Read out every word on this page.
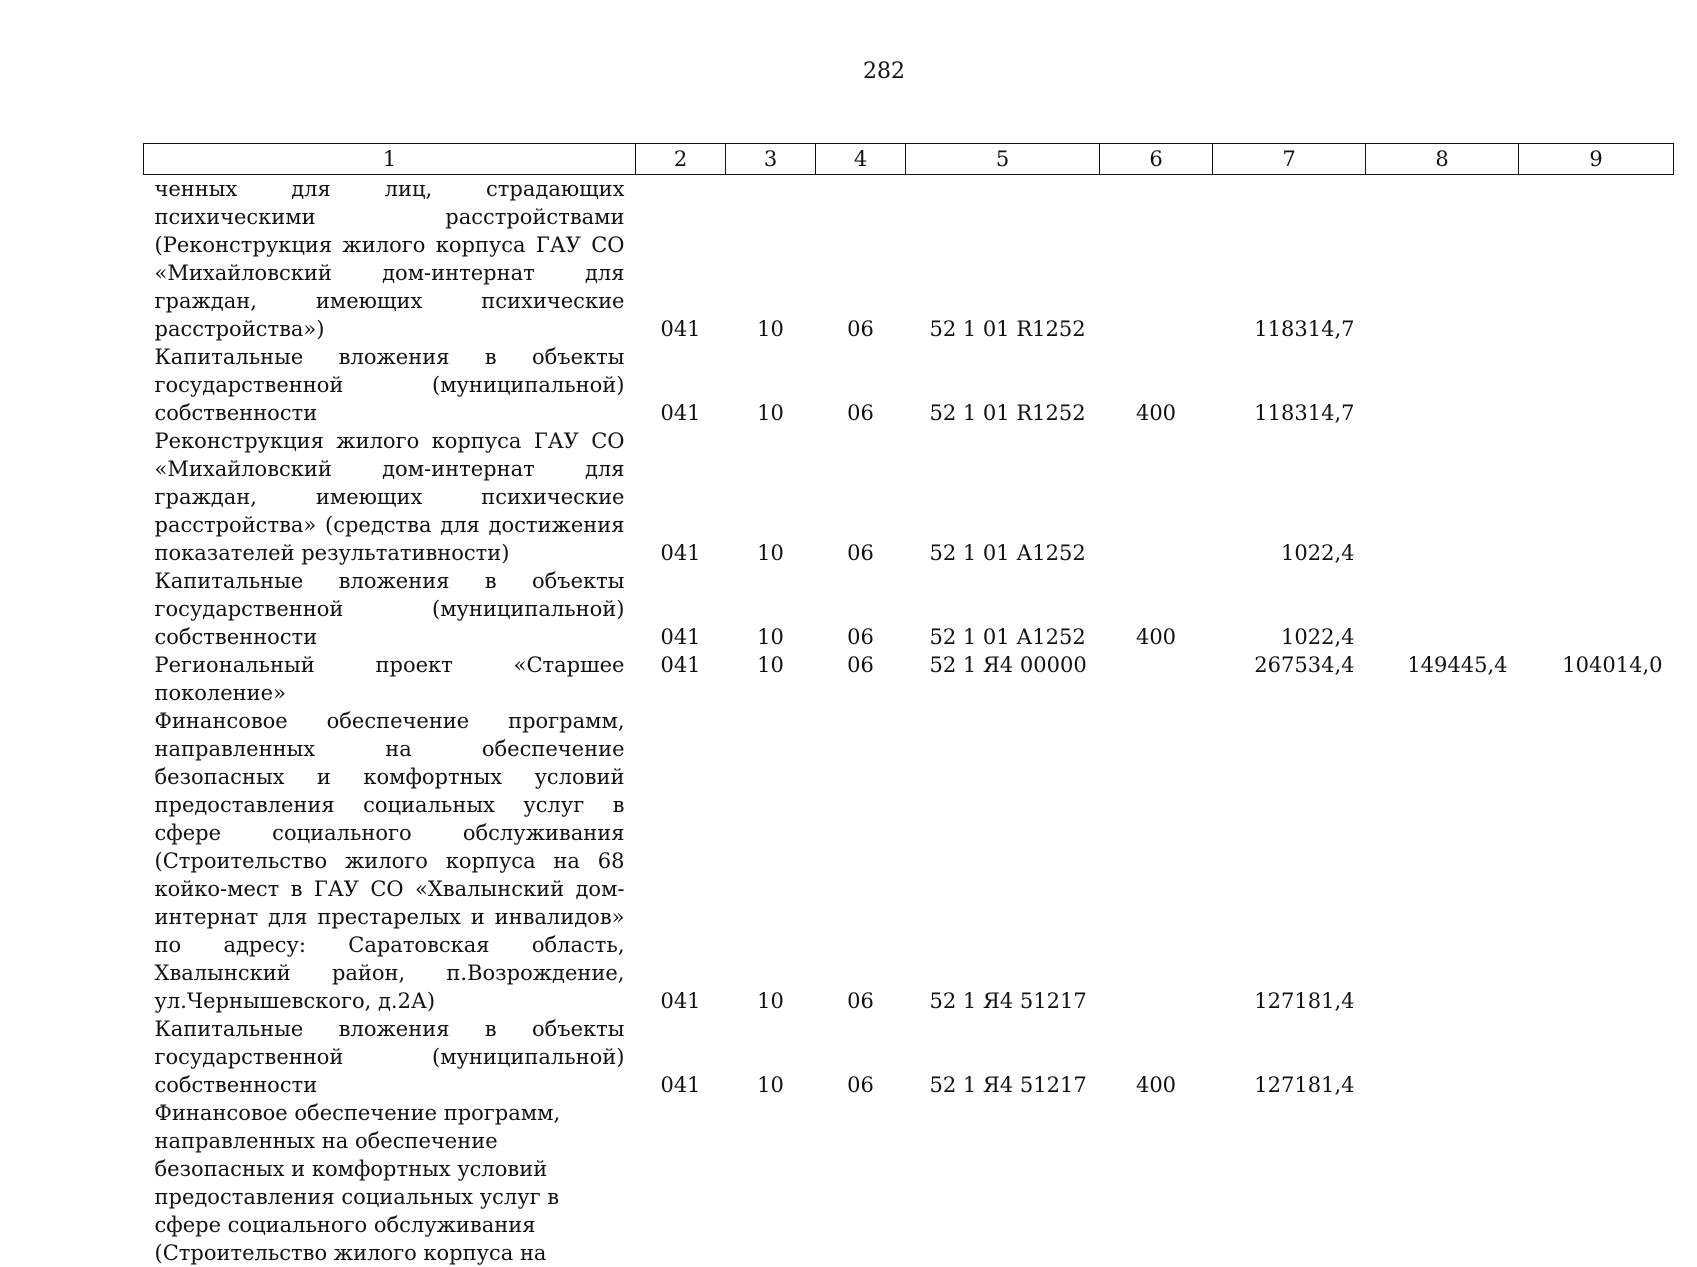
282
1	2	3	4	5	6	7	8	9
ченных для лиц, страдающих психическими расстройствами (Реконструкция жилого корпуса ГАУ СО «Михайловский дом-интернат для граждан, имеющих психические расстройства»)	041	10	06	52 1 01 R1252		118314,7		
Капитальные вложения в объекты государственной (муниципальной) собственности	041	10	06	52 1 01 R1252	400	118314,7		
Реконструкция жилого корпуса ГАУ СО «Михайловский дом-интернат для граждан, имеющих психические расстройства» (средства для достижения показателей результативности)	041	10	06	52 1 01 А1252		1022,4		
Капитальные вложения в объекты государственной (муниципальной) собственности	041	10	06	52 1 01 А1252	400	1022,4		
Региональный проект «Старшее поколение»	041	10	06	52 1 Я4 00000		267534,4	149445,4	104014,0
Финансовое обеспечение программ, направленных на обеспечение безопасных и комфортных условий предоставления социальных услуг в сфере социального обслуживания (Строительство жилого корпуса на 68 койко-мест в ГАУ СО «Хвалынский дом-интернат для престарелых и инвалидов» по адресу: Саратовская область, Хвалынский район, п.Возрождение, ул.Чернышевского, д.2А)	041	10	06	52 1 Я4 51217		127181,4		
Капитальные вложения в объекты государственной (муниципальной) собственности	041	10	06	52 1 Я4 51217	400	127181,4		
Финансовое обеспечение программ, направленных на обеспечение безопасных и комфортных условий предоставления социальных услуг в сфере социального обслуживания (Строительство жилого корпуса на								
